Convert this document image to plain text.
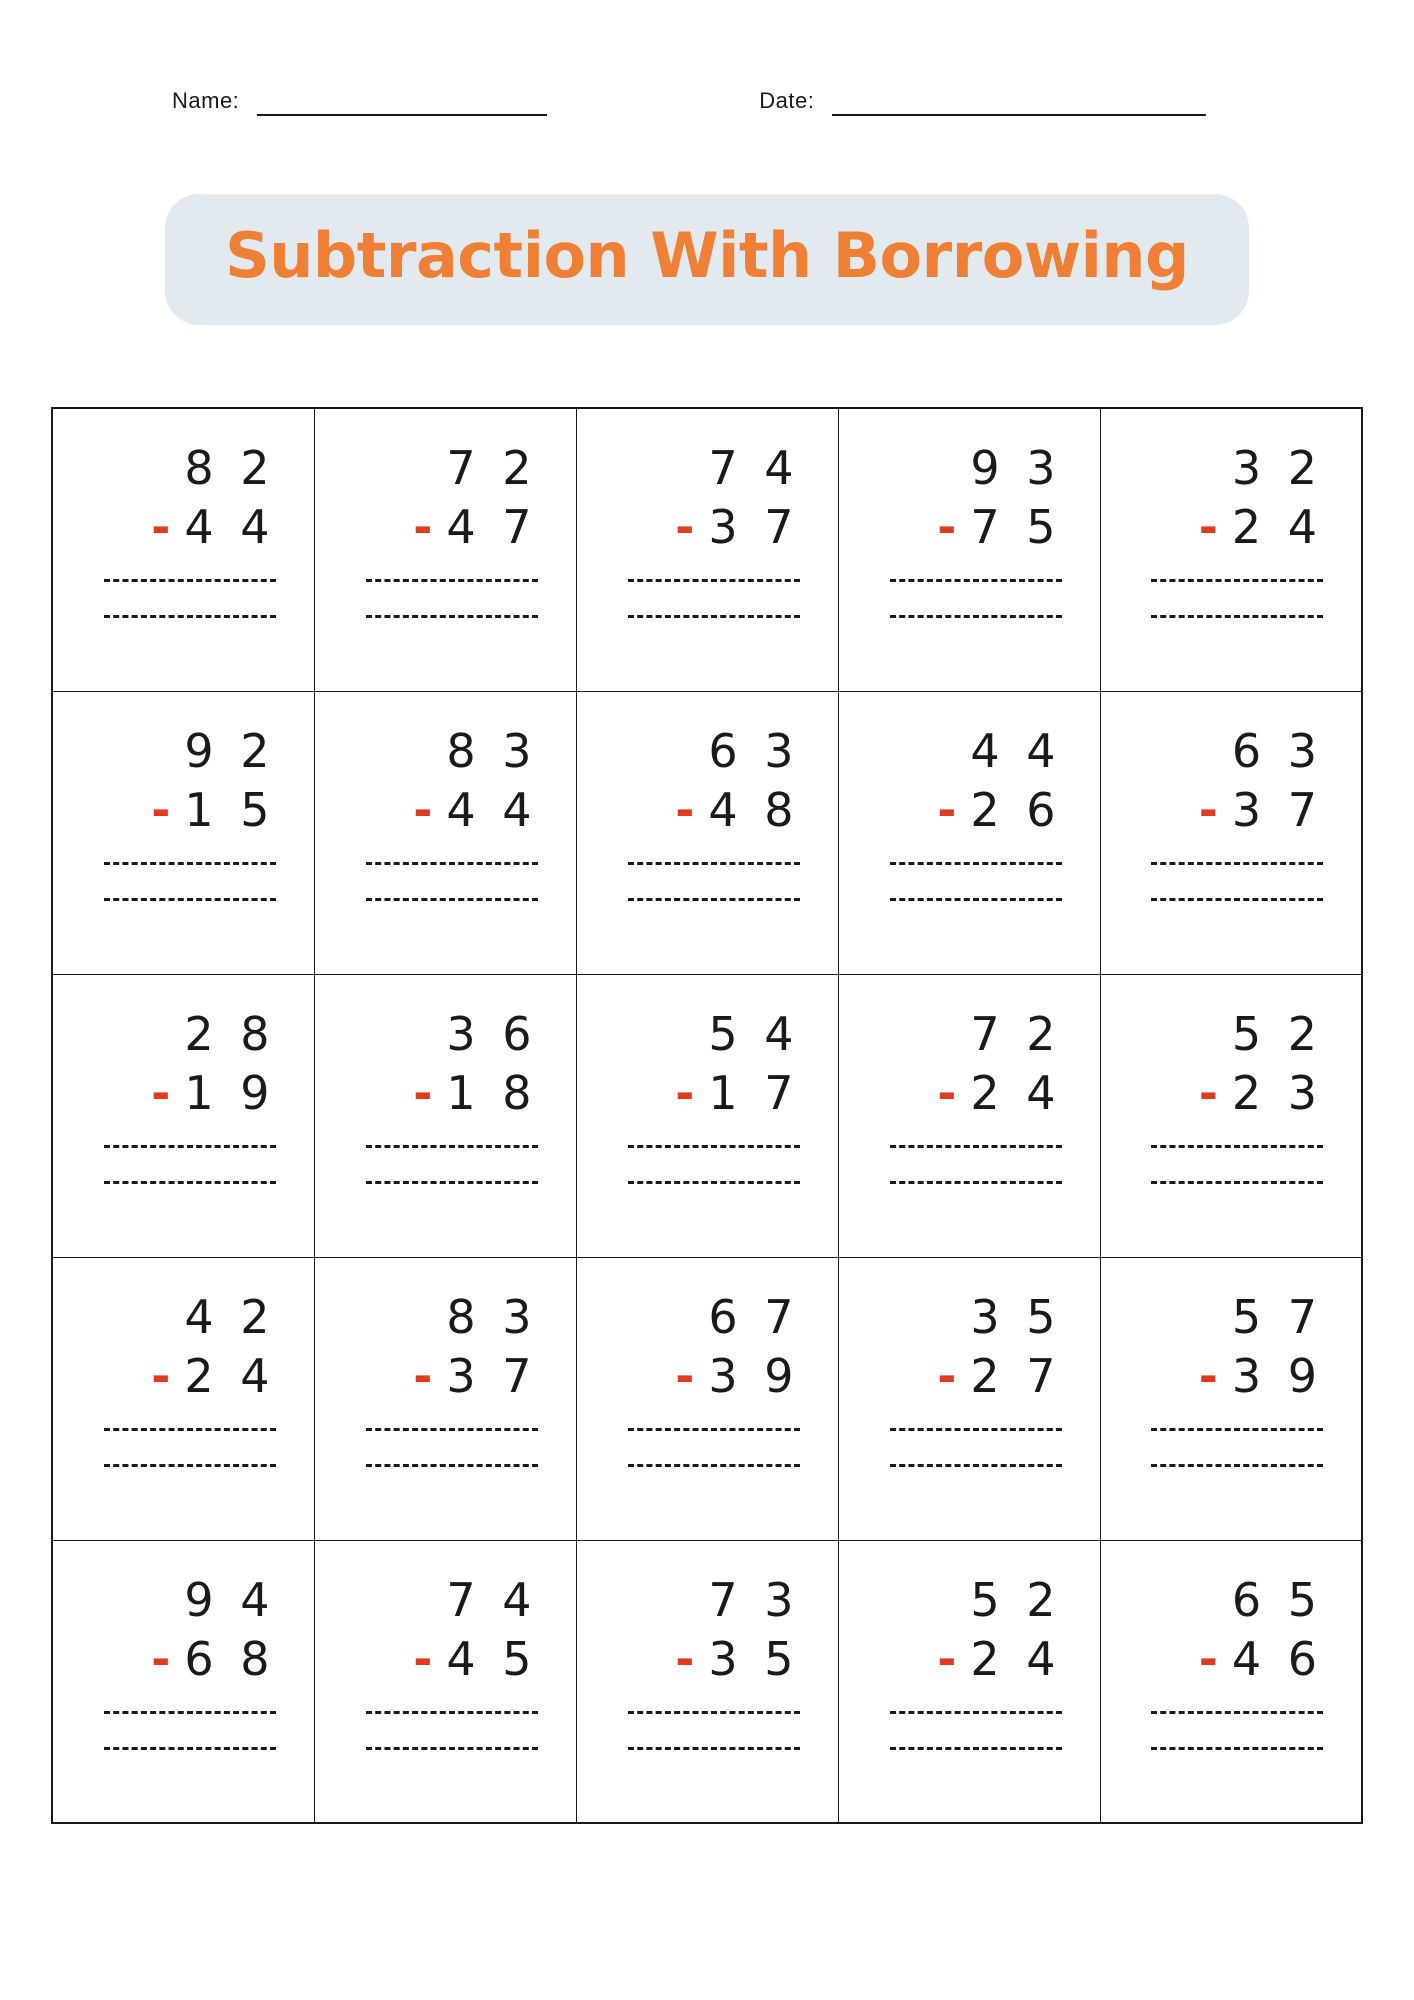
Name:	Date:
Subtraction With Borrowing
8 2
- 4 4

7 2
- 4 7

7 4
- 3 7

9 3
- 7 5

3 2
- 2 4

9 2
- 1 5

8 3
- 4 4

6 3
- 4 8

4 4
- 2 6

6 3
- 3 7

2 8
- 1 9

3 6
- 1 8

5 4
- 1 7

7 2
- 2 4

5 2
- 2 3

4 2
- 2 4

8 3
- 3 7

6 7
- 3 9

3 5
- 2 7

5 7
- 3 9

9 4
- 6 8

7 4
- 4 5

7 3
- 3 5

5 2
- 2 4

6 5
- 4 6
